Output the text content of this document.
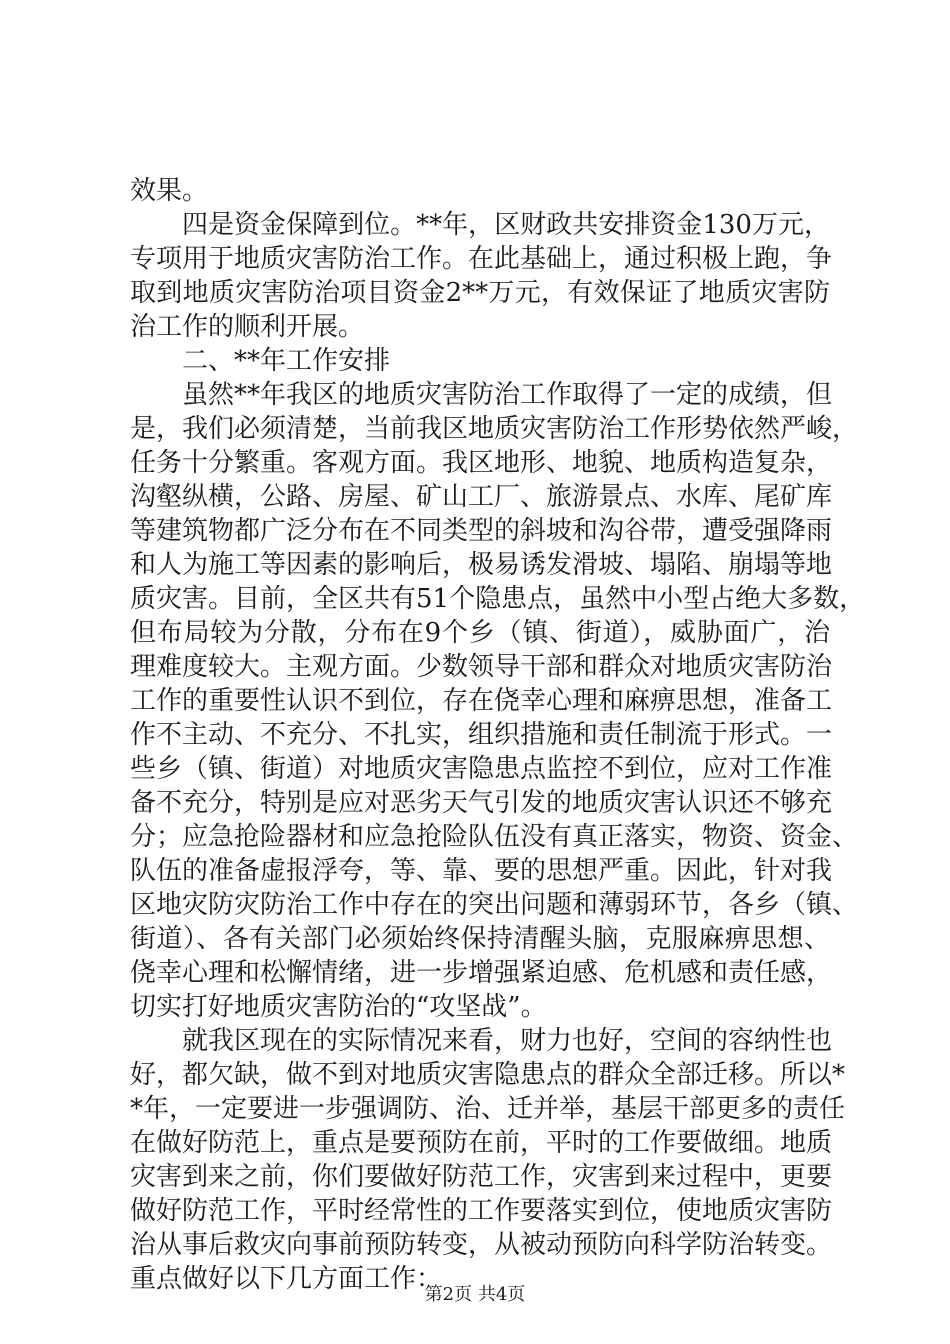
效果。
四是资金保障到位。**年，区财政共安排资金130万元，
专项用于地质灾害防治工作。在此基础上，通过积极上跑，争
取到地质灾害防治项目资金2**万元，有效保证了地质灾害防
治工作的顺利开展。
二、**年工作安排
虽然**年我区的地质灾害防治工作取得了一定的成绩，但
是，我们必须清楚，当前我区地质灾害防治工作形势依然严峻，
任务十分繁重。客观方面。我区地形、地貌、地质构造复杂，
沟壑纵横，公路、房屋、矿山工厂、旅游景点、水库、尾矿库
等建筑物都广泛分布在不同类型的斜坡和沟谷带，遭受强降雨
和人为施工等因素的影响后，极易诱发滑坡、塌陷、崩塌等地
质灾害。目前，全区共有51个隐患点，虽然中小型占绝大多数，
但布局较为分散，分布在9个乡（镇、街道），威胁面广，治
理难度较大。主观方面。少数领导干部和群众对地质灾害防治
工作的重要性认识不到位，存在侥幸心理和麻痹思想，准备工
作不主动、不充分、不扎实，组织措施和责任制流于形式。一
些乡（镇、街道）对地质灾害隐患点监控不到位，应对工作准
备不充分，特别是应对恶劣天气引发的地质灾害认识还不够充
分；应急抢险器材和应急抢险队伍没有真正落实，物资、资金、
队伍的准备虚报浮夸，等、靠、要的思想严重。因此，针对我
区地灾防灾防治工作中存在的突出问题和薄弱环节，各乡（镇、
街道）、各有关部门必须始终保持清醒头脑，克服麻痹思想、
侥幸心理和松懈情绪，进一步增强紧迫感、危机感和责任感，
切实打好地质灾害防治的“攻坚战”。
就我区现在的实际情况来看，财力也好，空间的容纳性也
好，都欠缺，做不到对地质灾害隐患点的群众全部迁移。所以*
*年，一定要进一步强调防、治、迁并举，基层干部更多的责任
在做好防范上，重点是要预防在前，平时的工作要做细。地质
灾害到来之前，你们要做好防范工作，灾害到来过程中，更要
做好防范工作，平时经常性的工作要落实到位，使地质灾害防
治从事后救灾向事前预防转变，从被动预防向科学防治转变。
重点做好以下几方面工作：
第2页 共4页
